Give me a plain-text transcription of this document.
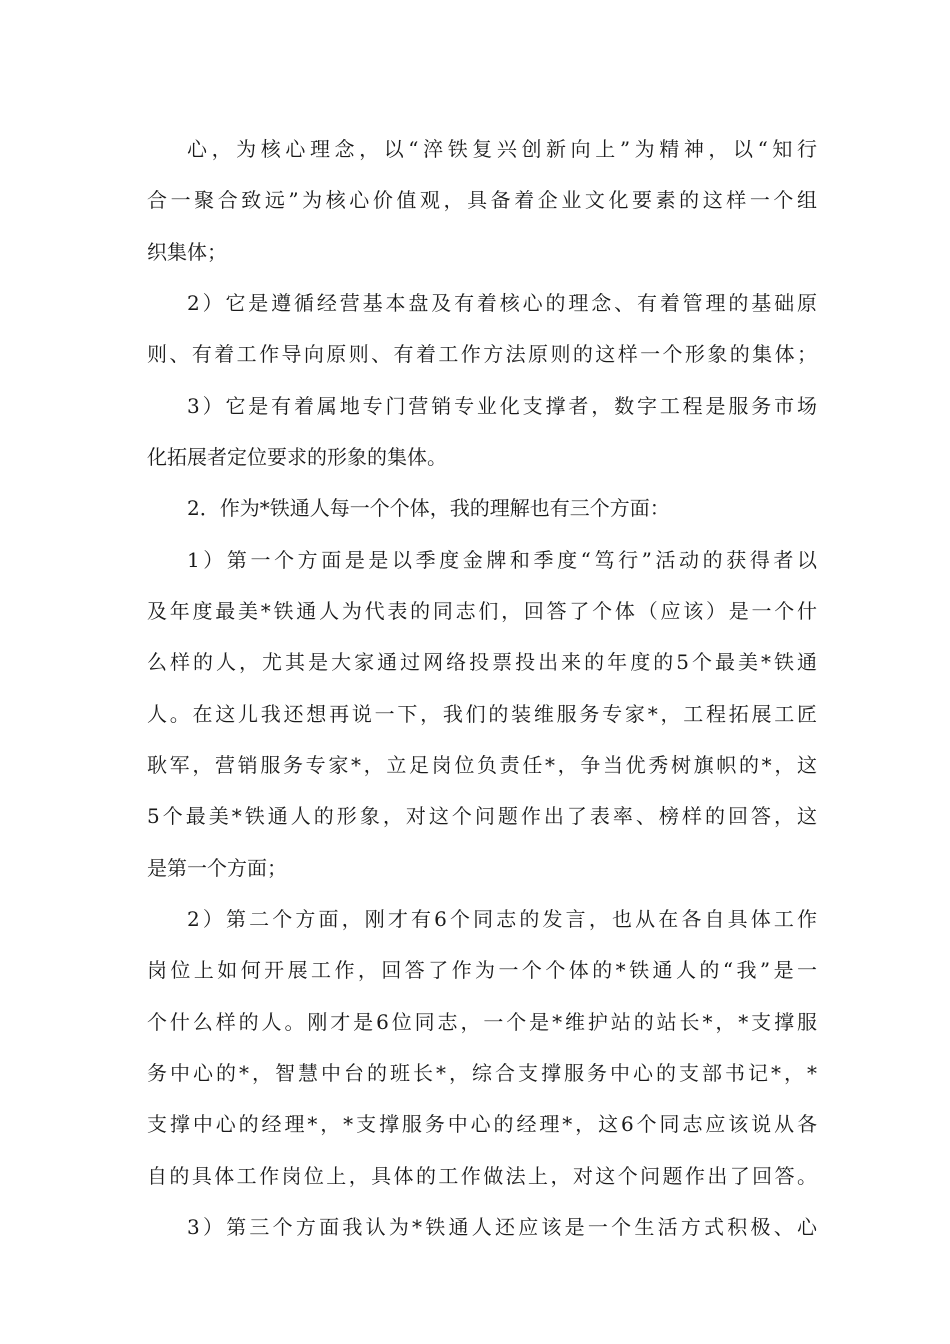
心，为核心理念，以“淬铁复兴创新向上”为精神，以“知行
合一聚合致远”为核心价值观，具备着企业文化要素的这样一个组
织集体；
2）它是遵循经营基本盘及有着核心的理念、有着管理的基础原
则、有着工作导向原则、有着工作方法原则的这样一个形象的集体；
3）它是有着属地专门营销专业化支撑者，数字工程是服务市场
化拓展者定位要求的形象的集体。
2．作为*铁通人每一个个体，我的理解也有三个方面：
1）第一个方面是是以季度金牌和季度“笃行”活动的获得者以
及年度最美*铁通人为代表的同志们，回答了个体（应该）是一个什
么样的人，尤其是大家通过网络投票投出来的年度的5个最美*铁通
人。在这儿我还想再说一下，我们的装维服务专家*，工程拓展工匠
耿军，营销服务专家*，立足岗位负责任*，争当优秀树旗帜的*，这
5个最美*铁通人的形象，对这个问题作出了表率、榜样的回答，这
是第一个方面；
2）第二个方面，刚才有6个同志的发言，也从在各自具体工作
岗位上如何开展工作，回答了作为一个个体的*铁通人的“我”是一
个什么样的人。刚才是6位同志，一个是*维护站的站长*，*支撑服
务中心的*，智慧中台的班长*，综合支撑服务中心的支部书记*，*
支撑中心的经理*，*支撑服务中心的经理*，这6个同志应该说从各
自的具体工作岗位上，具体的工作做法上，对这个问题作出了回答。
3）第三个方面我认为*铁通人还应该是一个生活方式积极、心
